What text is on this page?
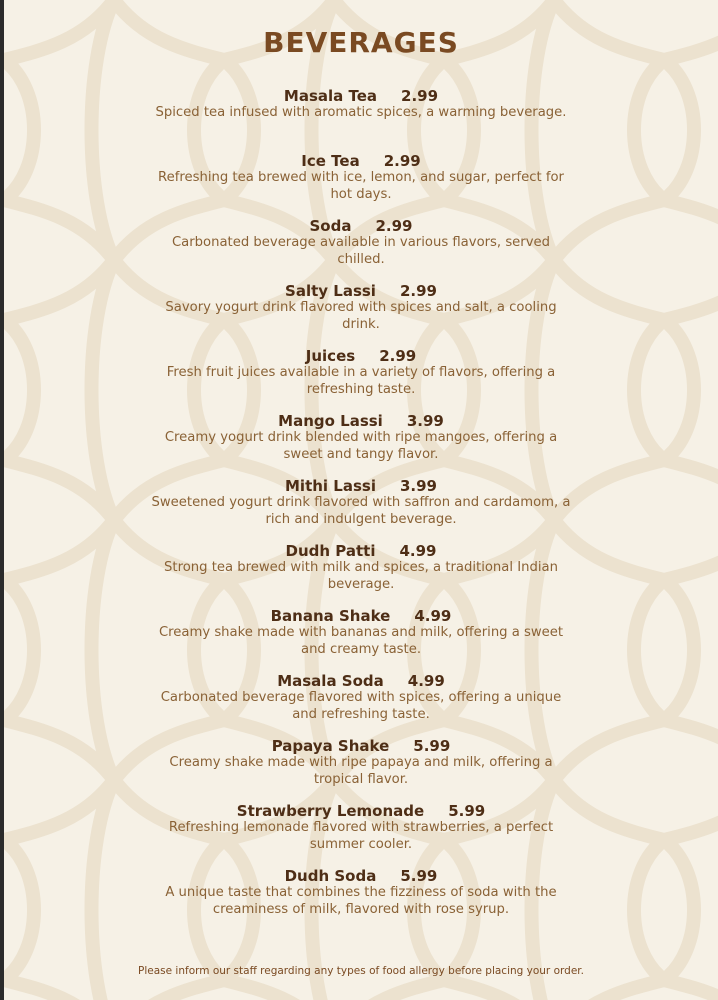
BEVERAGES
Masala Tea 2.99
Spiced tea infused with aromatic spices, a warming beverage.
Ice Tea 2.99
Refreshing tea brewed with ice, lemon, and sugar, perfect for hot days.
Soda 2.99
Carbonated beverage available in various flavors, served chilled.
Salty Lassi 2.99
Savory yogurt drink flavored with spices and salt, a cooling drink.
Juices 2.99
Fresh fruit juices available in a variety of flavors, offering a refreshing taste.
Mango Lassi 3.99
Creamy yogurt drink blended with ripe mangoes, offering a sweet and tangy flavor.
Mithi Lassi 3.99
Sweetened yogurt drink flavored with saffron and cardamom, a rich and indulgent beverage.
Dudh Patti 4.99
Strong tea brewed with milk and spices, a traditional Indian beverage.
Banana Shake 4.99
Creamy shake made with bananas and milk, offering a sweet and creamy taste.
Masala Soda 4.99
Carbonated beverage flavored with spices, offering a unique and refreshing taste.
Papaya Shake 5.99
Creamy shake made with ripe papaya and milk, offering a tropical flavor.
Strawberry Lemonade 5.99
Refreshing lemonade flavored with strawberries, a perfect summer cooler.
Dudh Soda 5.99
A unique taste that combines the fizziness of soda with the creaminess of milk, flavored with rose syrup.
Please inform our staff regarding any types of food allergy before placing your order.
